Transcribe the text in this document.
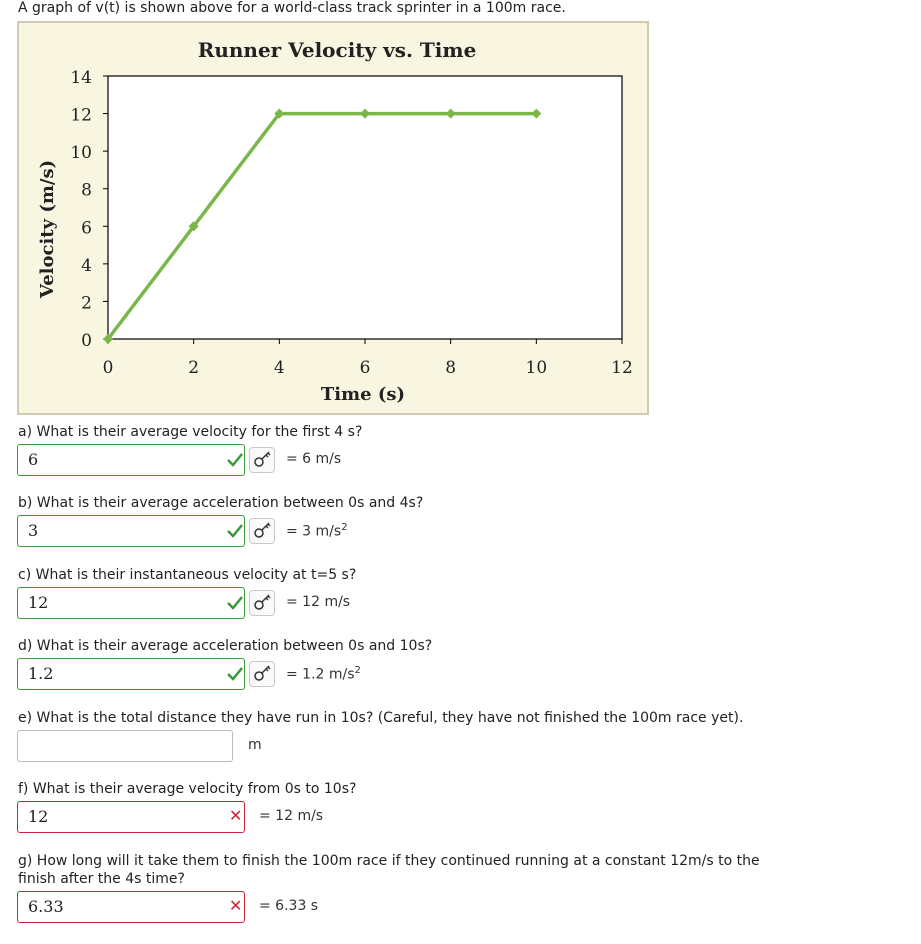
A graph of v(t) is shown above for a world-class track sprinter in a 100m race.
Runner Velocity vs. Time
Time (s)
Velocity (m/s)
0
2
4
6
8
10
12
14
0	2	4	6	8	10	12
a) What is their average velocity for the first 4 s?
6	= 6 m/s
b) What is their average acceleration between 0s and 4s?
3	= 3 $m/s^2$
c) What is their instantaneous velocity at t=5 s?
12	= 12 m/s
d) What is their average acceleration between 0s and 10s?
1.2	= 1.2 $m/s^2$
e) What is the total distance they have run in 10s? (Careful, they have not finished the 100m race yet).
m
f) What is their average velocity from 0s to 10s?
12	✕ = 12 m/s
g) How long will it take them to finish the 100m race if they continued running at a constant 12m/s to the
finish after the 4s time?
6.33	✕ = 6.33 s
